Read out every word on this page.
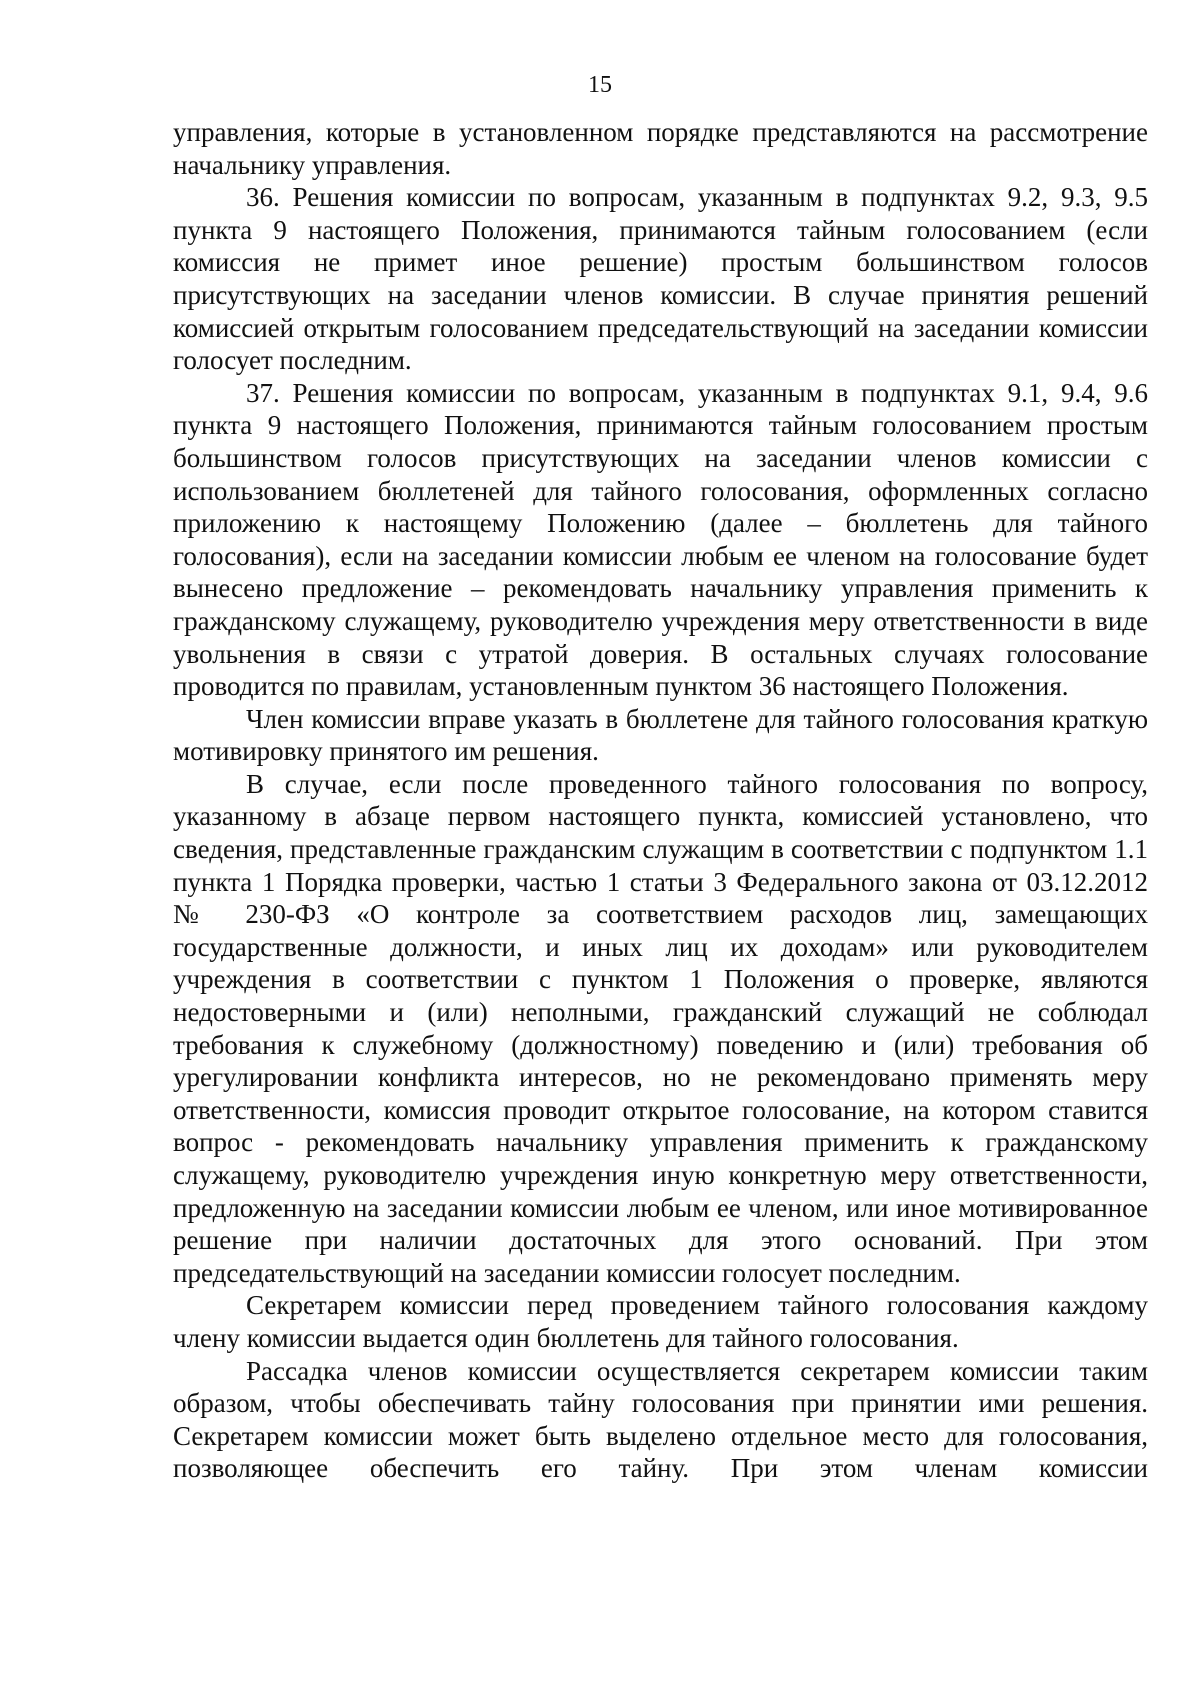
15

управления, которые в установленном порядке представляются на рассмотрение начальнику управления.

36. Решения комиссии по вопросам, указанным в подпунктах 9.2, 9.3, 9.5 пункта 9 настоящего Положения, принимаются тайным голосованием (если комиссия не примет иное решение) простым большинством голосов присутствующих на заседании членов комиссии. В случае принятия решений комиссией открытым голосованием председательствующий на заседании комиссии голосует последним.

37. Решения комиссии по вопросам, указанным в подпунктах 9.1, 9.4, 9.6 пункта 9 настоящего Положения, принимаются тайным голосованием простым большинством голосов присутствующих на заседании членов комиссии с использованием бюллетеней для тайного голосования, оформленных согласно приложению к настоящему Положению (далее – бюллетень для тайного голосования), если на заседании комиссии любым ее членом на голосование будет вынесено предложение – рекомендовать начальнику управления применить к гражданскому служащему, руководителю учреждения меру ответственности в виде увольнения в связи с утратой доверия. В остальных случаях голосование проводится по правилам, установленным пунктом 36 настоящего Положения.

Член комиссии вправе указать в бюллетене для тайного голосования краткую мотивировку принятого им решения.

В случае, если после проведенного тайного голосования по вопросу, указанному в абзаце первом настоящего пункта, комиссией установлено, что сведения, представленные гражданским служащим в соответствии с подпунктом 1.1 пункта 1 Порядка проверки, частью 1 статьи 3 Федерального закона от 03.12.2012 № 230-ФЗ «О контроле за соответствием расходов лиц, замещающих государственные должности, и иных лиц их доходам» или руководителем учреждения в соответствии с пунктом 1 Положения о проверке, являются недостоверными и (или) неполными, гражданский служащий не соблюдал требования к служебному (должностному) поведению и (или) требования об урегулировании конфликта интересов, но не рекомендовано применять меру ответственности, комиссия проводит открытое голосование, на котором ставится вопрос - рекомендовать начальнику управления применить к гражданскому служащему, руководителю учреждения иную конкретную меру ответственности, предложенную на заседании комиссии любым ее членом, или иное мотивированное решение при наличии достаточных для этого оснований. При этом председательствующий на заседании комиссии голосует последним.

Секретарем комиссии перед проведением тайного голосования каждому члену комиссии выдается один бюллетень для тайного голосования.

Рассадка членов комиссии осуществляется секретарем комиссии таким образом, чтобы обеспечивать тайну голосования при принятии ими решения. Секретарем комиссии может быть выделено отдельное место для голосования, позволяющее обеспечить его тайну. При этом членам комиссии
